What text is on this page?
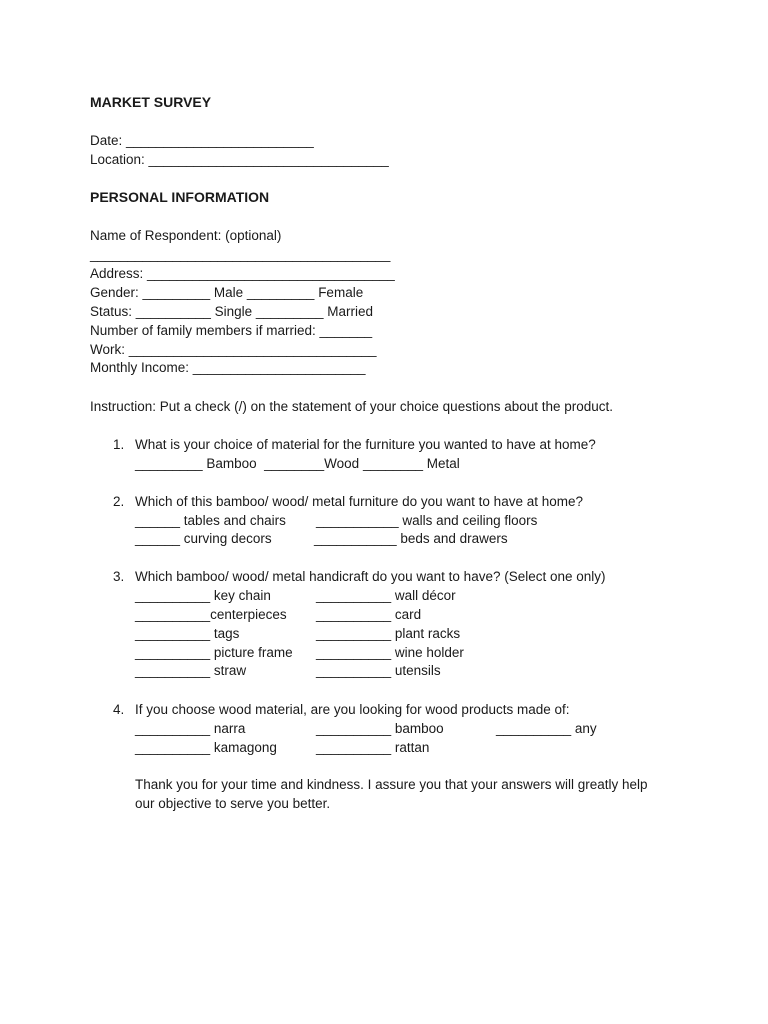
MARKET SURVEY
Date: _________________________
Location: ________________________________
PERSONAL INFORMATION
Name of Respondent: (optional)
________________________________________
Address: _________________________________
Gender: _________ Male _________ Female
Status: __________ Single _________ Married
Number of family members if married: _______
Work: _________________________________
Monthly Income: _______________________
Instruction: Put a check (/) on the statement of your choice questions about the product.
1. What is your choice of material for the furniture you wanted to have at home?
_________ Bamboo  ________Wood ________ Metal
2. Which of this bamboo/ wood/ metal furniture do you want to have at home?
______ tables and chairs ___________ walls and ceiling floors
______ curving decors	___________ beds and drawers
3. Which bamboo/ wood/ metal handicraft do you want to have? (Select one only)
__________ key chain	__________ wall décor
__________centerpieces __________ card
__________ tags	__________ plant racks
__________ picture frame __________ wine holder
__________ straw	__________ utensils
4. If you choose wood material, are you looking for wood products made of:
__________ narra	__________ bamboo	__________ any
__________ kamagong	__________ rattan
Thank you for your time and kindness. I assure you that your answers will greatly help
our objective to serve you better.
